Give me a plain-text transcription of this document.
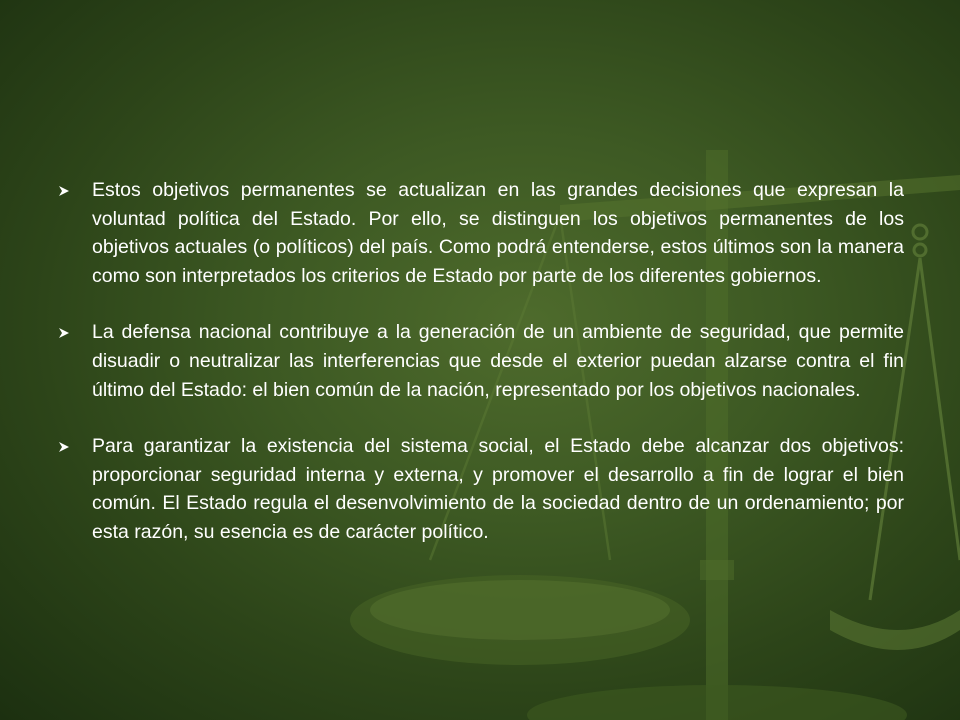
Estos objetivos permanentes se actualizan en las grandes decisiones que expresan la voluntad política del Estado. Por ello, se distinguen los objetivos permanentes de los objetivos actuales (o políticos) del país. Como podrá entenderse, estos últimos son la manera como son interpretados los criterios de Estado por parte de los diferentes gobiernos.

La defensa nacional contribuye a la generación de un ambiente de seguridad, que permite disuadir o neutralizar las interferencias que desde el exterior puedan alzarse contra el fin último del Estado: el bien común de la nación, representado por los objetivos nacionales.

Para garantizar la existencia del sistema social, el Estado debe alcanzar dos objetivos: proporcionar seguridad interna y externa, y promover el desarrollo a fin de lograr el bien común. El Estado regula el desenvolvimiento de la sociedad dentro de un ordenamiento; por esta razón, su esencia es de carácter político.
